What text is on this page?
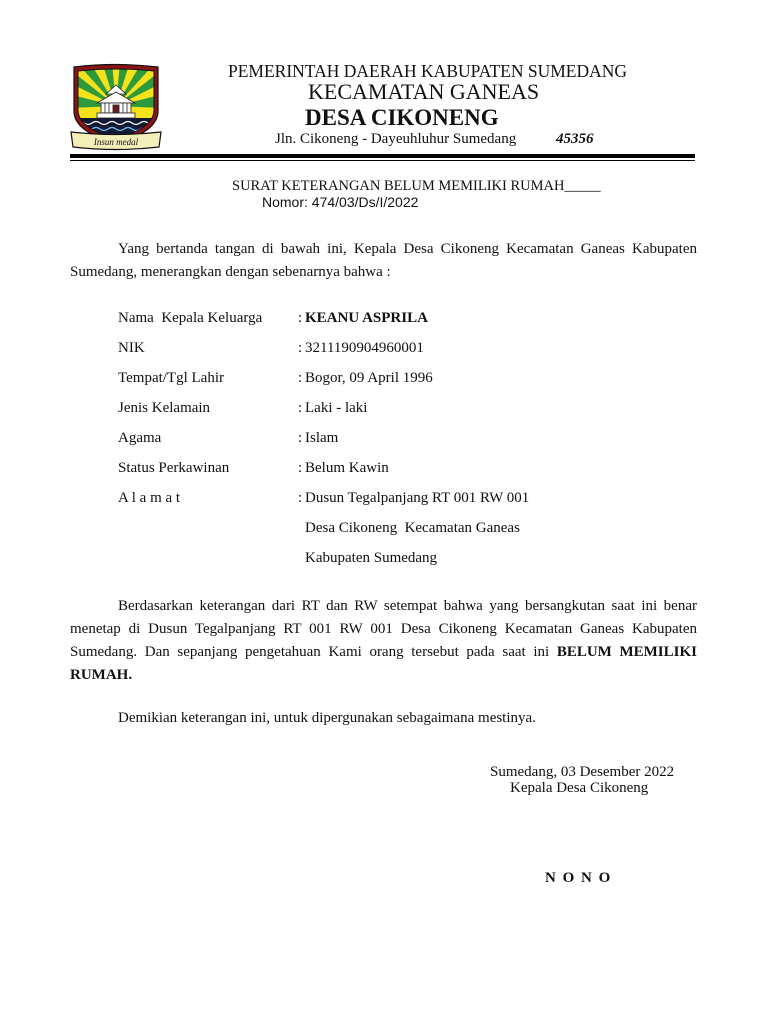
Insun medal
PEMERINTAH DAERAH KABUPATEN SUMEDANG
KECAMATAN GANEAS
DESA CIKONENG
Jln. Cikoneng - Dayeuhluhur Sumedang	45356
SURAT KETERANGAN BELUM MEMILIKI RUMAH_____
Nomor: 474/03/Ds/I/2022
Yang bertanda tangan di bawah ini, Kepala Desa Cikoneng Kecamatan Ganeas Kabupaten
Sumedang, menerangkan dengan sebenarnya bahwa :
Nama  Kepala Keluarga : KEANU ASPRILA
NIK	: 3211190904960001
Tempat/Tgl Lahir	: Bogor, 09 April 1996
Jenis Kelamain	: Laki - laki
Agama	: Islam
Status Perkawinan	: Belum Kawin
A l a m a t	: Dusun Tegalpanjang RT 001 RW 001
Desa Cikoneng  Kecamatan Ganeas
Kabupaten Sumedang
Berdasarkan keterangan dari RT dan RW setempat bahwa yang bersangkutan saat ini benar
menetap di Dusun Tegalpanjang RT 001 RW 001 Desa Cikoneng Kecamatan Ganeas Kabupaten
Sumedang. Dan sepanjang pengetahuan Kami orang tersebut pada saat ini BELUM MEMILIKI
RUMAH.
Demikian keterangan ini, untuk dipergunakan sebagaimana mestinya.
Sumedang, 03 Desember 2022
Kepala Desa Cikoneng
N O N O
